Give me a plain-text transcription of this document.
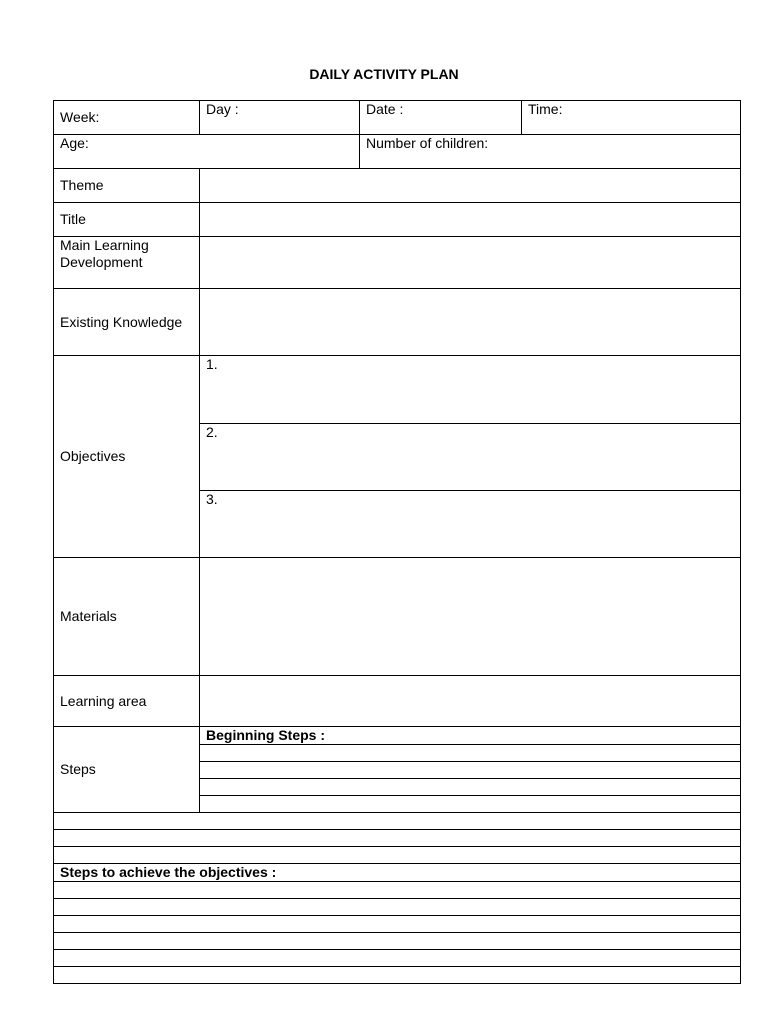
DAILY ACTIVITY PLAN
Week:	Day :	Date :	Time:
Age:		Number of children:	
Theme			
Title			
Main Learning Development			
Existing Knowledge			
Objectives	1.		
	2.		
	3.		
Materials			
Learning area			
Steps	Beginning Steps :		

Steps to achieve the objectives :			
